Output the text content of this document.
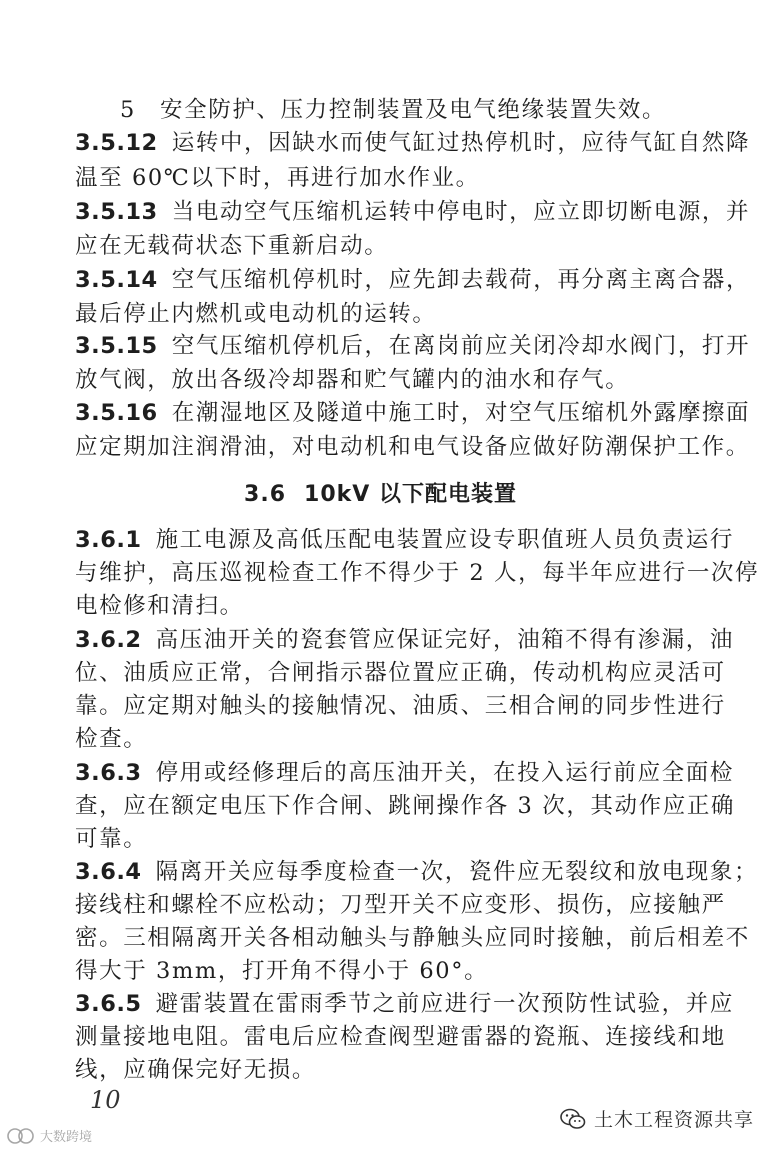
5　安全防护、压力控制装置及电气绝缘装置失效。
3.5.12 运转中，因缺水而使气缸过热停机时，应待气缸自然降
温至 60℃以下时，再进行加水作业。
3.5.13 当电动空气压缩机运转中停电时，应立即切断电源，并
应在无载荷状态下重新启动。
3.5.14 空气压缩机停机时，应先卸去载荷，再分离主离合器，
最后停止内燃机或电动机的运转。
3.5.15 空气压缩机停机后，在离岗前应关闭冷却水阀门，打开
放气阀，放出各级冷却器和贮气罐内的油水和存气。
3.5.16 在潮湿地区及隧道中施工时，对空气压缩机外露摩擦面
应定期加注润滑油，对电动机和电气设备应做好防潮保护工作。
3.6 10kV 以下配电装置
3.6.1 施工电源及高低压配电装置应设专职值班人员负责运行
与维护，高压巡视检查工作不得少于 2 人，每半年应进行一次停
电检修和清扫。
3.6.2 高压油开关的瓷套管应保证完好，油箱不得有渗漏，油
位、油质应正常，合闸指示器位置应正确，传动机构应灵活可
靠。应定期对触头的接触情况、油质、三相合闸的同步性进行
检查。
3.6.3 停用或经修理后的高压油开关，在投入运行前应全面检
查，应在额定电压下作合闸、跳闸操作各 3 次，其动作应正确
可靠。
3.6.4 隔离开关应每季度检查一次，瓷件应无裂纹和放电现象；
接线柱和螺栓不应松动；刀型开关不应变形、损伤，应接触严
密。三相隔离开关各相动触头与静触头应同时接触，前后相差不
得大于 3mm，打开角不得小于 60°。
3.6.5 避雷装置在雷雨季节之前应进行一次预防性试验，并应
测量接地电阻。雷电后应检查阀型避雷器的瓷瓶、连接线和地
线，应确保完好无损。
10
土木工程资源共享
大数跨境
